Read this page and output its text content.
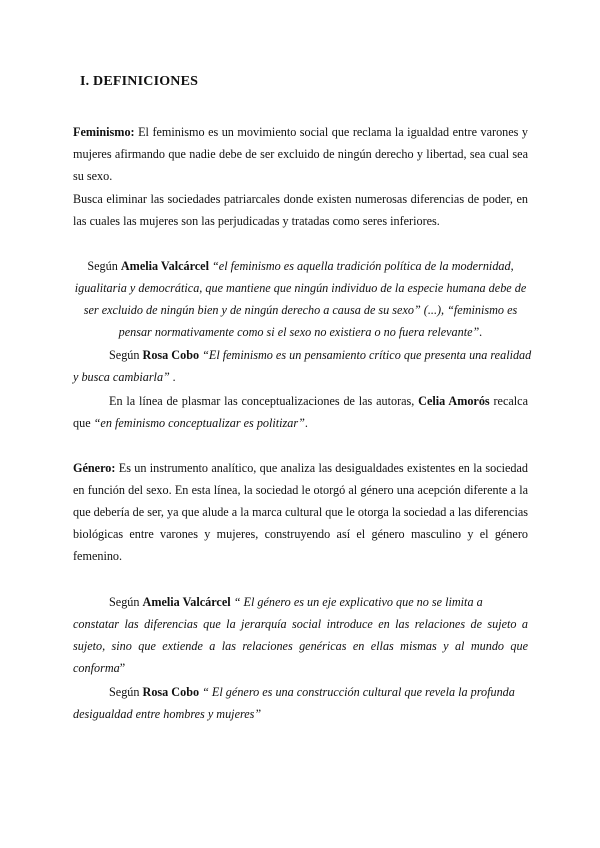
I. DEFINICIONES
Feminismo: El feminismo es un movimiento social que reclama la igualdad entre varones y
mujeres afirmando que nadie debe de ser excluido de ningún derecho y libertad, sea cual sea
su sexo.
Busca eliminar las sociedades patriarcales donde existen numerosas diferencias de poder, en
las cuales las mujeres son las perjudicadas y tratadas como seres inferiores.
Según Amelia Valcárcel “el feminismo es aquella tradición política de la modernidad,
igualitaria y democrática, que mantiene que ningún individuo de la especie humana debe de
ser excluido de ningún bien y de ningún derecho a causa de su sexo” (...), “feminismo es
pensar normativamente como si el sexo no existiera o no fuera relevante”.
Según Rosa Cobo “El feminismo es un pensamiento crítico que presenta una realidad
y busca cambiarla” .
En la línea de plasmar las conceptualizaciones de las autoras, Celia Amorós recalca
que “en feminismo conceptualizar es politizar”.
Género: Es un instrumento analítico, que analiza las desigualdades existentes en la sociedad
en función del sexo. En esta línea, la sociedad le otorgó al género una acepción diferente a la
que debería de ser, ya que alude a la marca cultural que le otorga la sociedad a las diferencias
biológicas entre varones y mujeres, construyendo así el género masculino y el género
femenino.
Según Amelia Valcárcel “ El género es un eje explicativo que no se limita a
constatar las diferencias que la jerarquía social introduce en las relaciones de sujeto a
sujeto, sino que extiende a las relaciones genéricas en ellas mismas y al mundo que
conforma”
Según Rosa Cobo “ El género es una construcción cultural que revela la profunda
desigualdad entre hombres y mujeres”
